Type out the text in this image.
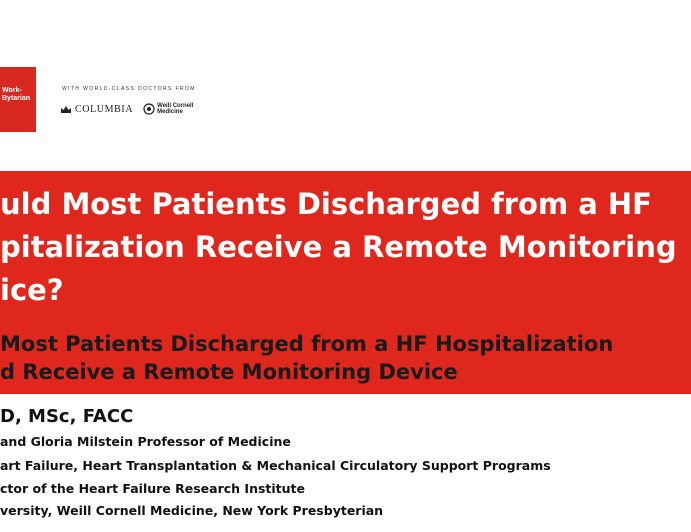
Work-
Bytarian
WITH WORLD-CLASS DOCTORS FROM
COLUMBIA	Weill Cornell
Medicine
uld Most Patients Discharged from a HF
pitalization Receive a Remote Monitoring
ice?
Most Patients Discharged from a HF Hospitalization
d Receive a Remote Monitoring Device
D, MSc, FACC
and Gloria Milstein Professor of Medicine
art Failure, Heart Transplantation & Mechanical Circulatory Support Programs
ctor of the Heart Failure Research Institute
versity, Weill Cornell Medicine, New York Presbyterian
